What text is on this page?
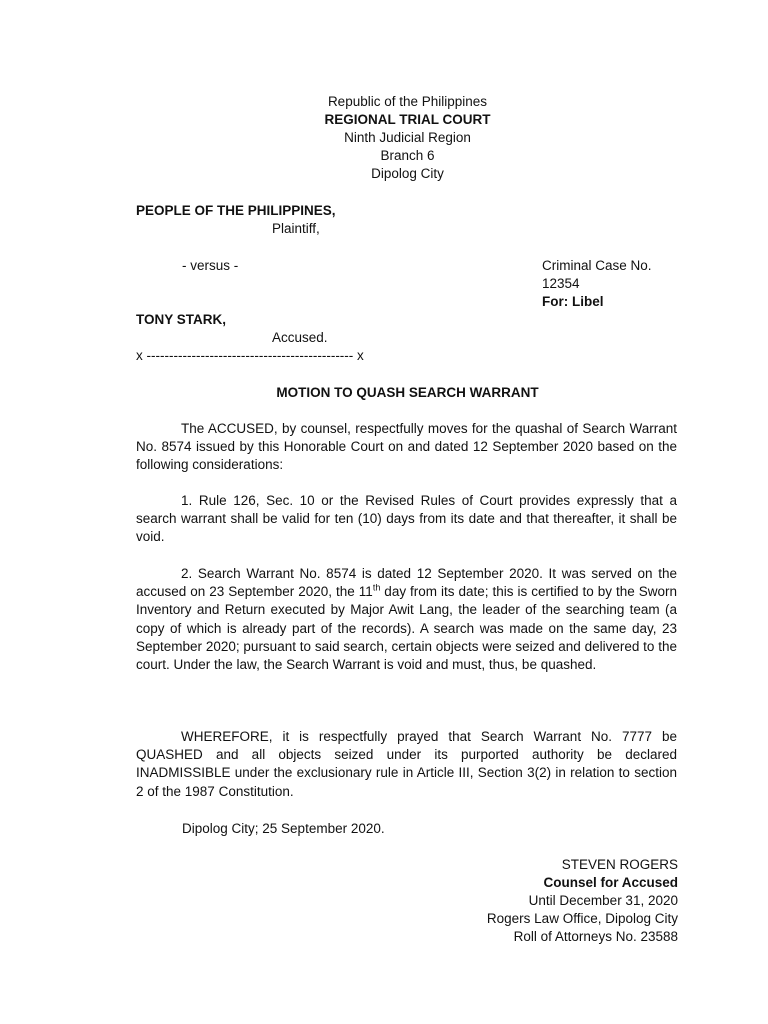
Republic of the Philippines
REGIONAL TRIAL COURT
Ninth Judicial Region
Branch 6
Dipolog City
PEOPLE OF THE PHILIPPINES,
Plaintiff,
- versus -	Criminal Case No.
12354
For: Libel
TONY STARK,
Accused.
x ---------------------------------------------- x
MOTION TO QUASH SEARCH WARRANT
The ACCUSED, by counsel, respectfully moves for the quashal of Search Warrant No. 8574 issued by this Honorable Court on and dated 12 September 2020 based on the following considerations:
1. Rule 126, Sec. 10 or the Revised Rules of Court provides expressly that a search warrant shall be valid for ten (10) days from its date and that thereafter, it shall be void.
2. Search Warrant No. 8574 is dated 12 September 2020. It was served on the accused on 23 September 2020, the 11th day from its date; this is certified to by the Sworn Inventory and Return executed by Major Awit Lang, the leader of the searching team (a copy of which is already part of the records). A search was made on the same day, 23 September 2020; pursuant to said search, certain objects were seized and delivered to the court. Under the law, the Search Warrant is void and must, thus, be quashed.
WHEREFORE, it is respectfully prayed that Search Warrant No. 7777 be QUASHED and all objects seized under its purported authority be declared INADMISSIBLE under the exclusionary rule in Article III, Section 3(2) in relation to section 2 of the 1987 Constitution.
Dipolog City; 25 September 2020.
STEVEN ROGERS
Counsel for Accused
Until December 31, 2020
Rogers Law Office, Dipolog City
Roll of Attorneys No. 23588
